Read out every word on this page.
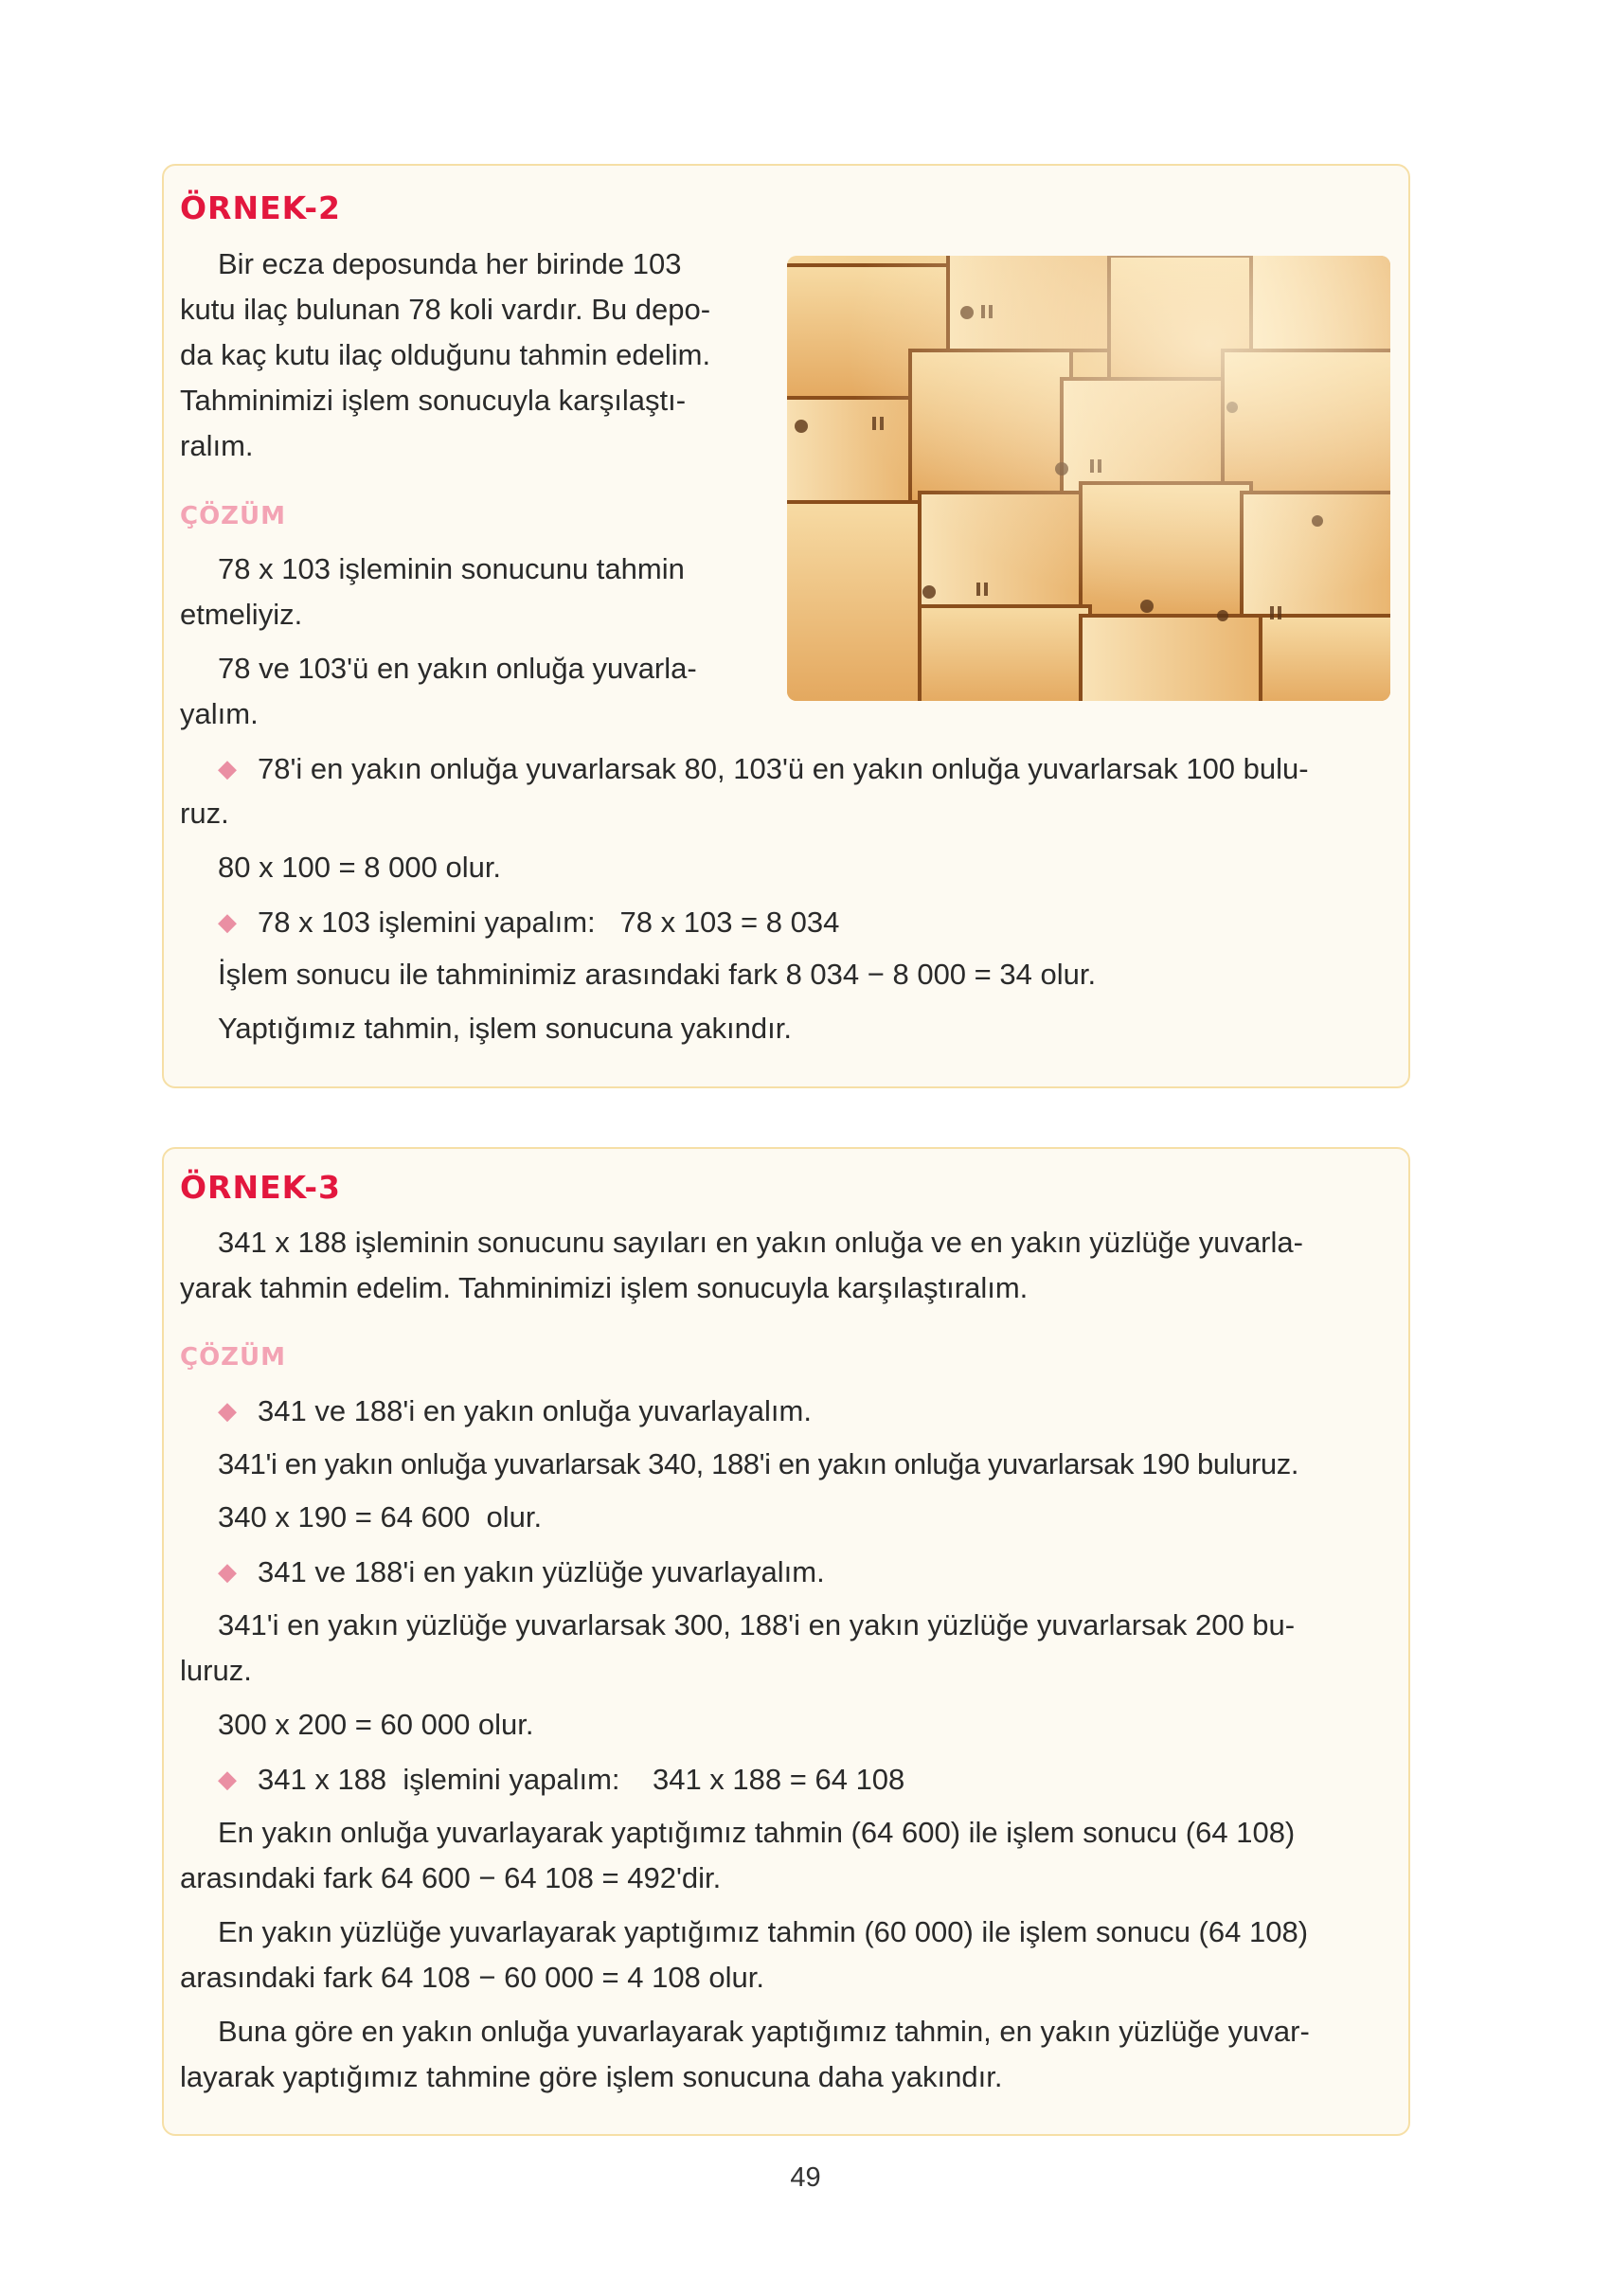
ÖRNEK-2

Bir ecza deposunda her birinde 103

kutu ilaç bulunan 78 koli vardır. Bu depo-

da kaç kutu ilaç olduğunu tahmin edelim.

Tahminimizi işlem sonucuyla karşılaştı-

ralım.

ÇÖZÜM

78 x 103 işleminin sonucunu tahmin

etmeliyiz.

78 ve 103'ü en yakın onluğa yuvarla-

yalım.

◆ 78'i en yakın onluğa yuvarlarsak 80, 103'ü en yakın onluğa yuvarlarsak 100 bulu-

ruz.

80 x 100 = 8 000 olur.

◆ 78 x 103 işlemini yapalım:   78 x 103 = 8 034

İşlem sonucu ile tahminimiz arasındaki fark 8 034 − 8 000 = 34 olur.

Yaptığımız tahmin, işlem sonucuna yakındır.

ÖRNEK-3

341 x 188 işleminin sonucunu sayıları en yakın onluğa ve en yakın yüzlüğe yuvarla-

yarak tahmin edelim. Tahminimizi işlem sonucuyla karşılaştıralım.

ÇÖZÜM

◆ 341 ve 188'i en yakın onluğa yuvarlayalım.

341'i en yakın onluğa yuvarlarsak 340, 188'i en yakın onluğa yuvarlarsak 190 buluruz.

340 x 190 = 64 600  olur.

◆ 341 ve 188'i en yakın yüzlüğe yuvarlayalım.

341'i en yakın yüzlüğe yuvarlarsak 300, 188'i en yakın yüzlüğe yuvarlarsak 200 bu-

luruz.

300 x 200 = 60 000 olur.

◆ 341 x 188  işlemini yapalım:    341 x 188 = 64 108

En yakın onluğa yuvarlayarak yaptığımız tahmin (64 600) ile işlem sonucu (64 108)

arasındaki fark 64 600 − 64 108 = 492'dir.

En yakın yüzlüğe yuvarlayarak yaptığımız tahmin (60 000) ile işlem sonucu (64 108)

arasındaki fark 64 108 − 60 000 = 4 108 olur.

Buna göre en yakın onluğa yuvarlayarak yaptığımız tahmin, en yakın yüzlüğe yuvar-

layarak yaptığımız tahmine göre işlem sonucuna daha yakındır.

49
